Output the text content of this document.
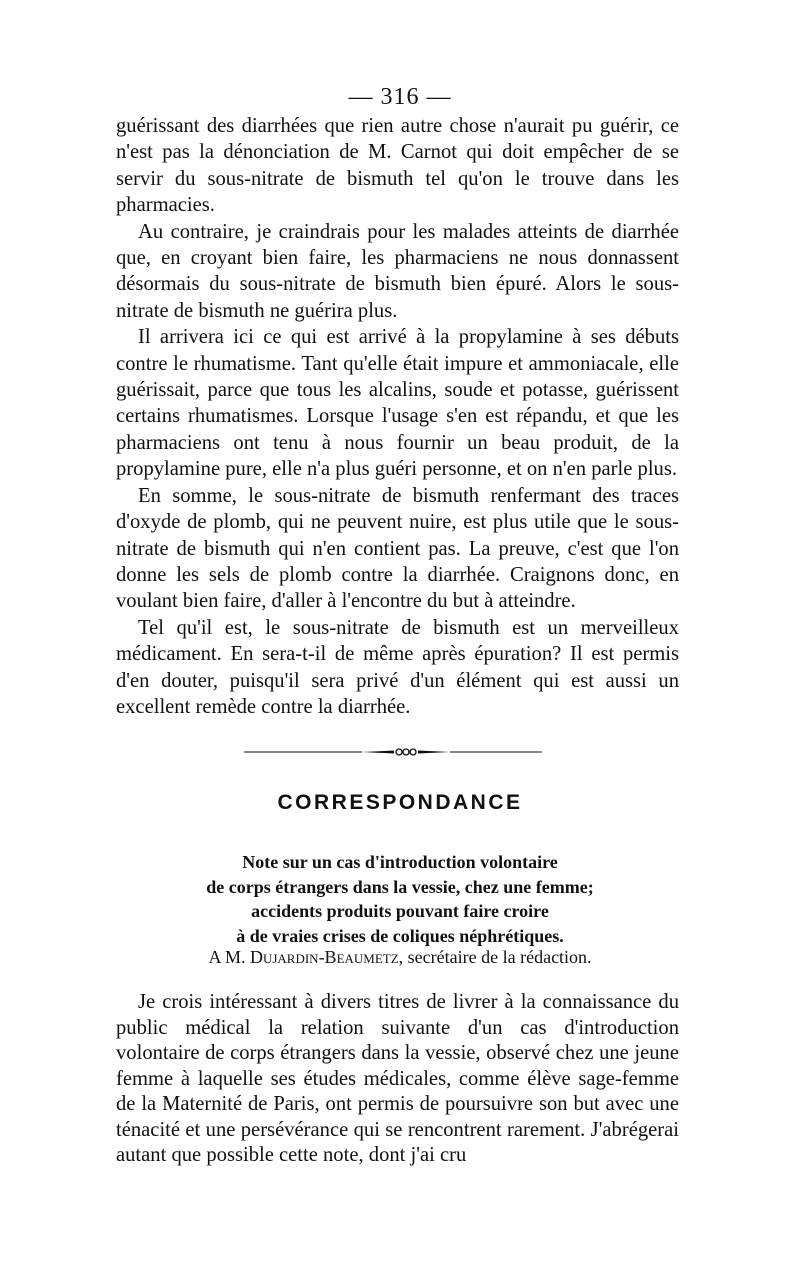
— 316 —

guérissant des diarrhées que rien autre chose n'aurait pu guérir, ce n'est pas la dénonciation de M. Carnot qui doit empêcher de se servir du sous-nitrate de bismuth tel qu'on le trouve dans les pharmacies.

Au contraire, je craindrais pour les malades atteints de diarrhée que, en croyant bien faire, les pharmaciens ne nous donnassent désormais du sous-nitrate de bismuth bien épuré. Alors le sous-nitrate de bismuth ne guérira plus.

Il arrivera ici ce qui est arrivé à la propylamine à ses débuts contre le rhumatisme. Tant qu'elle était impure et ammoniacale, elle guérissait, parce que tous les alcalins, soude et potasse, guérissent certains rhumatismes. Lorsque l'usage s'en est répandu, et que les pharmaciens ont tenu à nous fournir un beau produit, de la propylamine pure, elle n'a plus guéri personne, et on n'en parle plus.

En somme, le sous-nitrate de bismuth renfermant des traces d'oxyde de plomb, qui ne peuvent nuire, est plus utile que le sous-nitrate de bismuth qui n'en contient pas. La preuve, c'est que l'on donne les sels de plomb contre la diarrhée. Craignons donc, en voulant bien faire, d'aller à l'encontre du but à atteindre.

Tel qu'il est, le sous-nitrate de bismuth est un merveilleux médicament. En sera-t-il de même après épuration? Il est permis d'en douter, puisqu'il sera privé d'un élément qui est aussi un excellent remède contre la diarrhée.

CORRESPONDANCE
Note sur un cas d'introduction volontaire
de corps étrangers dans la vessie, chez une femme;
accidents produits pouvant faire croire
à de vraies crises de coliques néphrétiques.
A M. Dujardin-Beaumetz, secrétaire de la rédaction.

Je crois intéressant à divers titres de livrer à la connaissance du public médical la relation suivante d'un cas d'introduction volontaire de corps étrangers dans la vessie, observé chez une jeune femme à laquelle ses études médicales, comme élève sage-femme de la Maternité de Paris, ont permis de poursuivre son but avec une ténacité et une persévérance qui se rencontrent rarement. J'abrégerai autant que possible cette note, dont j'ai cru
